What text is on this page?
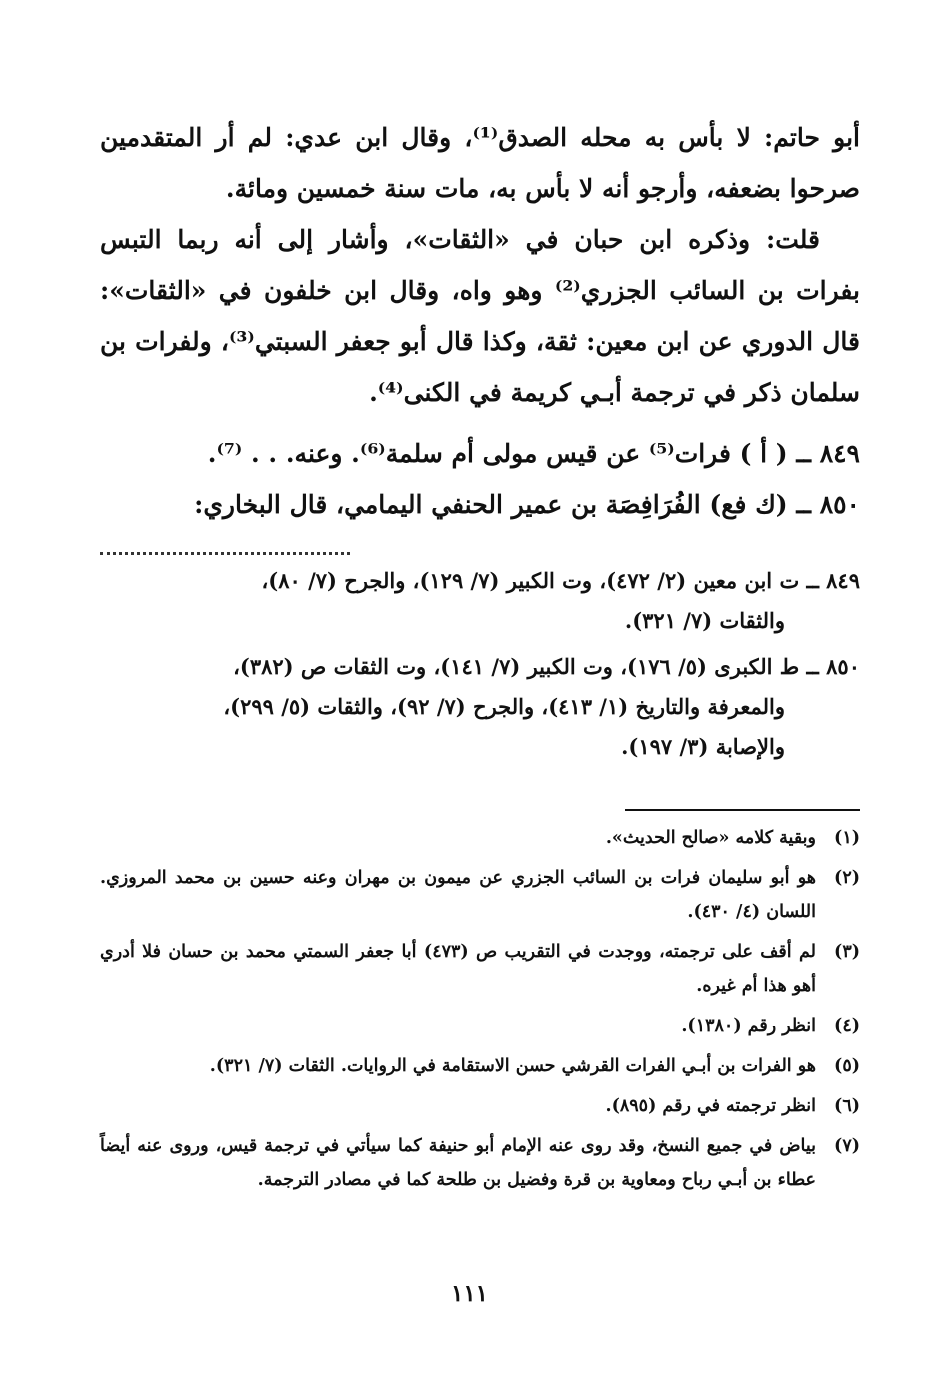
أبو حاتم: لا بأس به محله الصدق⁽¹⁾، وقال ابن عدي: لم أر المتقدمين صرحوا بضعفه، وأرجو أنه لا بأس به، مات سنة خمسين ومائة.

قلت: وذكره ابن حبان في «الثقات»، وأشار إلى أنه ربما التبس بفرات بن السائب الجزري⁽²⁾ وهو واه، وقال ابن خلفون في «الثقات»: قال الدوري عن ابن معين: ثقة، وكذا قال أبو جعفر السبتي⁽³⁾، ولفرات بن سلمان ذكر في ترجمة أبـي كريمة في الكنى⁽⁴⁾.

٨٤٩ ــ ( أ ) فرات⁽⁵⁾ عن قيس مولى أم سلمة⁽⁶⁾. وعنه. . . ⁽⁷⁾.

٨٥٠ ــ (ك فع) الفُرَافِصَة بن عمير الحنفي اليمامي، قال البخاري:

٨٤٩ ــ ت ابن معين (٢/ ٤٧٢)، وت الكبير (٧/ ١٢٩)، والجرح (٧/ ٨٠)،
والثقات (٧/ ٣٢١).
٨٥٠ ــ ط الكبرى (٥/ ١٧٦)، وت الكبير (٧/ ١٤١)، وت الثقات ص (٣٨٢)،
والمعرفة والتاريخ (١/ ٤١٣)، والجرح (٧/ ٩٢)، والثقات (٥/ ٢٩٩)،
والإصابة (٣/ ١٩٧).
(١)
وبقية كلامه «صالح الحديث».
(٢)
هو أبو سليمان فرات بن السائب الجزري عن ميمون بن مهران وعنه حسين بن محمد المروزي. اللسان (٤/ ٤٣٠).
(٣)
لم أقف على ترجمته، ووجدت في التقريب ص (٤٧٣) أبا جعفر السمتي محمد بن حسان فلا أدري أهو هذا أم غيره.
(٤)
انظر رقم (١٣٨٠).
(٥)
هو الفرات بن أبـي الفرات القرشي حسن الاستقامة في الروايات. الثقات (٧/ ٣٢١).
(٦)
انظر ترجمته في رقم (٨٩٥).
(٧)
بياض في جميع النسخ، وقد روى عنه الإمام أبو حنيفة كما سيأتي في ترجمة قيس، وروى عنه أيضاً عطاء بن أبـي رباح ومعاوية بن قرة وفضيل بن طلحة كما في مصادر الترجمة.
١١١
